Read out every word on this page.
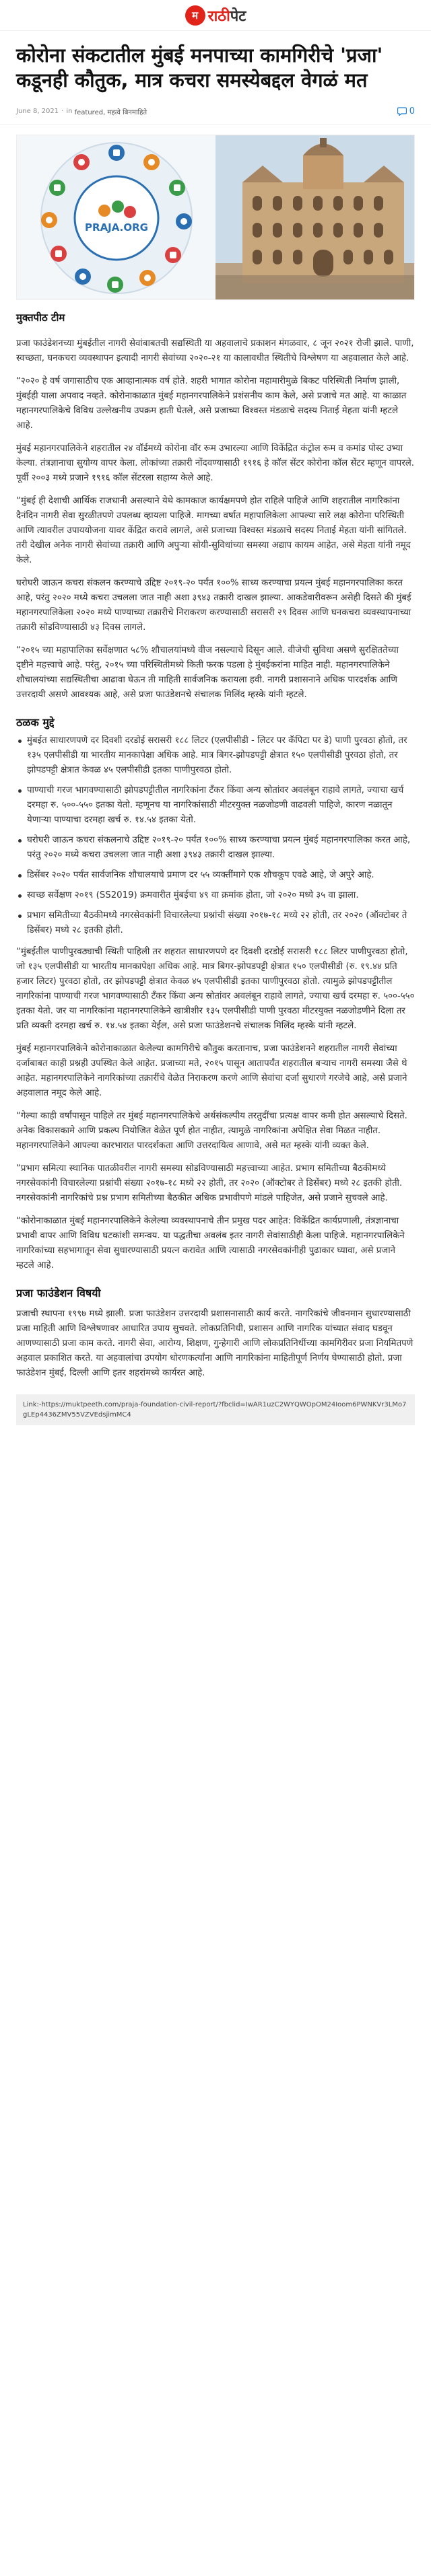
म राठीपेट
कोरोना संकटातील मुंबई मनपाच्या कामगिरीचे 'प्रजा' कडूनही कौतुक, मात्र कचरा समस्येबद्दल वेगळं मत
June 8, 2021 · in
featured, महत्वे बिनमाहिते	0
PRAJA.ORG
मुक्तपीठ टीम

प्रजा फाउंडेशनच्या मुंबईतील नागरी सेवांबाबतची सद्यस्थिती या अहवालाचे प्रकाशन मंगळवार, ८ जून २०२१ रोजी झाले. पाणी, स्वच्छता, घनकचरा व्यवस्थापन इत्यादी नागरी सेवांच्या २०२०-२१ या कालावधीत स्थितीचे विश्लेषण या अहवालात केले आहे.

“२०२० हे वर्ष जगासाठीच एक आव्हानात्मक वर्ष होते. शहरी भागात कोरोना महामारीमुळे बिकट परिस्थिती निर्माण झाली, मुंबईही याला अपवाद नव्हते. कोरोनाकाळात मुंबई महानगरपालिकेने प्रशंसनीय काम केले, असे प्रजाचे मत आहे. या काळात महानगरपालिकेचे विविध उल्लेखनीय उपक्रम हाती घेतले, असे प्रजाच्या विश्वस्त मंडळाचे सदस्य निताई मेहता यांनी म्हटले आहे.

मुंबई महानगरपालिकेने शहरातील २४ वॉर्डमध्ये कोरोना वॉर रूम उभारल्या आणि विकेंद्रित कंट्रोल रूम व कमांड पोस्ट उभ्या केल्या. तंत्रज्ञानाचा सुयोग्य वापर केला. लोकांच्या तक्रारी नोंदवण्यासाठी १९१६ हे कॉल सेंटर कोरोना कॉल सेंटर म्हणून वापरले. पूर्वी २००३ मध्ये प्रजाने १९१६ कॉल सेंटरला सहाय्य केले आहे.

“मुंबई ही देशाची आर्थिक राजधानी असल्याने येथे कामकाज कार्यक्षमपणे होत राहिले पाहिजे आणि शहरातील नागरिकांना दैनंदिन नागरी सेवा सुरळीतपणे उपलब्ध व्हायला पाहिजे. मागच्या वर्षात महापालिकेला आपल्या सारे लक्ष कोरोना परिस्थिती आणि त्यावरील उपाययोजना यावर केंद्रित करावे लागले, असे प्रजाच्या विश्वस्त मंडळाचे सदस्य निताई मेहता यांनी सांगितले. तरी देखील अनेक नागरी सेवांच्या तक्रारी आणि अपुऱ्या सोयी-सुविधांच्या समस्या अद्याप कायम आहेत, असे मेहता यांनी नमूद केले.

घरोघरी जाऊन कचरा संकलन करण्याचे उद्दिष्ट २०१९-२० पर्यंत १००% साध्य करण्याचा प्रयत्न मुंबई महानगरपालिका करत आहे, परंतु २०२० मध्ये कचरा उचलला जात नाही अशा ३९४३ तक्रारी दाखल झाल्या. आकडेवारीवरून असेही दिसते की मुंबई महानगरपालिकेला २०२० मध्ये पाण्याच्या तक्रारीचे निराकरण करण्यासाठी सरासरी २९ दिवस आणि घनकचरा व्यवस्थापनाच्या तक्रारी सोडविण्यासाठी ४३ दिवस लागले.

“२०१५ च्या महापालिका सर्वेक्षणात ५८% शौचालयांमध्ये वीज नसल्याचे दिसून आले. वीजेची सुविधा असणे सुरक्षिततेच्या दृष्टीने महत्त्वाचे आहे. परंतु, २०१५ च्या परिस्थितीमध्ये किती फरक पडला हे मुंबईकरांना माहित नाही. महानगरपालिकेने शौचालयांच्या सद्यस्थितीचा आढावा घेऊन ती माहिती सार्वजनिक करायला हवी. नागरी प्रशासनाने अधिक पारदर्शक आणि उत्तरदायी असणे आवश्यक आहे, असे प्रजा फाउंडेशनचे संचालक मिलिंद म्हस्के यांनी म्हटले.

ठळक मुद्दे
मुंबईत साधारणपणे दर दिवशी दरडोई सरासरी १८८ लिटर (एलपीसीडी - लिटर पर कॅपिटा पर डे) पाणी पुरवठा होतो, तर १३५ एलपीसीडी या भारतीय मानकापेक्षा अधिक आहे. मात्र बिगर-झोपडपट्टी क्षेत्रात १५० एलपीसीडी पुरवठा होतो, तर झोपडपट्टी क्षेत्रात केवळ ४५ एलपीसीडी इतका पाणीपुरवठा होतो.
पाण्याची गरज भागवण्यासाठी झोपडपट्टीतील नागरिकांना टँकर किंवा अन्य स्रोतांवर अवलंबून राहावे लागते, ज्याचा खर्च दरमहा रु. ५००-५५० इतका येतो. म्हणूनच या नागरिकांसाठी मीटरयुक्त नळजोडणी वाढवली पाहिजे, कारण नळातून येणाऱ्या पाण्याचा दरमहा खर्च रु. १४.५४ इतका येतो.
घरोघरी जाऊन कचरा संकलनाचे उद्दिष्ट २०१९-२० पर्यंत १००% साध्य करण्याचा प्रयत्न मुंबई महानगरपालिका करत आहे, परंतु २०२० मध्ये कचरा उचलला जात नाही अशा ३९४३ तक्रारी दाखल झाल्या.
डिसेंबर २०२० पर्यंत सार्वजनिक शौचालयाचे प्रमाण दर ५५ व्यक्तींमागे एक शौचकूप एवढे आहे, जे अपुरे आहे.
स्वच्छ सर्वेक्षण २०१९ (SS2019) क्रमवारीत मुंबईचा ४९ वा क्रमांक होता, जो २०२० मध्ये ३५ वा झाला.
प्रभाग समितीच्या बैठकीमध्ये नगरसेवकांनी विचारलेल्या प्रश्नांची संख्या २०१७-१८ मध्ये २२ होती, तर २०२० (ऑक्टोबर ते डिसेंबर) मध्ये २८ इतकी होती.

“मुंबईतील पाणीपुरवठ्याची स्थिती पाहिली तर शहरात साधारणपणे दर दिवशी दरडोई सरासरी १८८ लिटर पाणीपुरवठा होतो, जो १३५ एलपीसीडी या भारतीय मानकापेक्षा अधिक आहे. मात्र बिगर-झोपडपट्टी क्षेत्रात १५० एलपीसीडी (रु. १९.४४ प्रति हजार लिटर) पुरवठा होतो, तर झोपडपट्टी क्षेत्रात केवळ ४५ एलपीसीडी इतका पाणीपुरवठा होतो. त्यामुळे झोपडपट्टीतील नागरिकांना पाण्याची गरज भागवण्यासाठी टँकर किंवा अन्य स्रोतांवर अवलंबून राहावे लागते, ज्याचा खर्च दरमहा रु. ५००-५५० इतका येतो. जर या नागरिकांना महानगरपालिकेने खात्रीशीर १३५ एलपीसीडी पाणी पुरवठा मीटरयुक्त नळजोडणीने दिला तर प्रति व्यक्ती दरमहा खर्च रु. १४.५४ इतका येईल, असे प्रजा फाउंडेशनचे संचालक मिलिंद म्हस्के यांनी म्हटले.

मुंबई महानगरपालिकेने कोरोनाकाळात केलेल्या कामगिरीचे कौतुक करतानाच, प्रजा फाउंडेशनने शहरातील नागरी सेवांच्या दर्जाबाबत काही प्रश्नही उपस्थित केले आहेत. प्रजाच्या मते, २०१५ पासून आतापर्यंत शहरातील बऱ्याच नागरी समस्या जैसे थे आहेत. महानगरपालिकेने नागरिकांच्या तक्रारींचे वेळेत निराकरण करणे आणि सेवांचा दर्जा सुधारणे गरजेचे आहे, असे प्रजाने अहवालात नमूद केले आहे.

“गेल्या काही वर्षांपासून पाहिले तर मुंबई महानगरपालिकेचे अर्थसंकल्पीय तरतुदींचा प्रत्यक्ष वापर कमी होत असल्याचे दिसते. अनेक विकासकामे आणि प्रकल्प नियोजित वेळेत पूर्ण होत नाहीत, त्यामुळे नागरिकांना अपेक्षित सेवा मिळत नाहीत. महानगरपालिकेने आपल्या कारभारात पारदर्शकता आणि उत्तरदायित्व आणावे, असे मत म्हस्के यांनी व्यक्त केले.

“प्रभाग समित्या स्थानिक पातळीवरील नागरी समस्या सोडविण्यासाठी महत्त्वाच्या आहेत. प्रभाग समितीच्या बैठकीमध्ये नगरसेवकांनी विचारलेल्या प्रश्नांची संख्या २०१७-१८ मध्ये २२ होती, तर २०२० (ऑक्टोबर ते डिसेंबर) मध्ये २८ इतकी होती. नगरसेवकांनी नागरिकांचे प्रश्न प्रभाग समितीच्या बैठकीत अधिक प्रभावीपणे मांडले पाहिजेत, असे प्रजाने सुचवले आहे.

“कोरोनाकाळात मुंबई महानगरपालिकेने केलेल्या व्यवस्थापनाचे तीन प्रमुख पदर आहेत: विकेंद्रित कार्यप्रणाली, तंत्रज्ञानाचा प्रभावी वापर आणि विविध घटकांशी समन्वय. या पद्धतीचा अवलंब इतर नागरी सेवांसाठीही केला पाहिजे. महानगरपालिकेने नागरिकांच्या सहभागातून सेवा सुधारण्यासाठी प्रयत्न करावेत आणि त्यासाठी नगरसेवकांनीही पुढाकार घ्यावा, असे प्रजाने म्हटले आहे.

प्रजा फाउंडेशन विषयी

प्रजाची स्थापना १९९७ मध्ये झाली. प्रजा फाउंडेशन उत्तरदायी प्रशासनासाठी कार्य करते. नागरिकांचे जीवनमान सुधारण्यासाठी प्रजा माहिती आणि विश्लेषणावर आधारित उपाय सुचवते. लोकप्रतिनिधी, प्रशासन आणि नागरिक यांच्यात संवाद घडवून आणण्यासाठी प्रजा काम करते. नागरी सेवा, आरोग्य, शिक्षण, गुन्हेगारी आणि लोकप्रतिनिधींच्या कामगिरीवर प्रजा नियमितपणे अहवाल प्रकाशित करते. या अहवालांचा उपयोग धोरणकर्त्यांना आणि नागरिकांना माहितीपूर्ण निर्णय घेण्यासाठी होतो. प्रजा फाउंडेशन मुंबई, दिल्ली आणि इतर शहरांमध्ये कार्यरत आहे.

Link:-https://muktpeeth.com/praja-foundation-civil-report/?fbclid=IwAR1uzC2WYQWOpOM24Ioom6PWNKVr3LMo7gLEp4436ZMV55VZVEdsjimMC4
